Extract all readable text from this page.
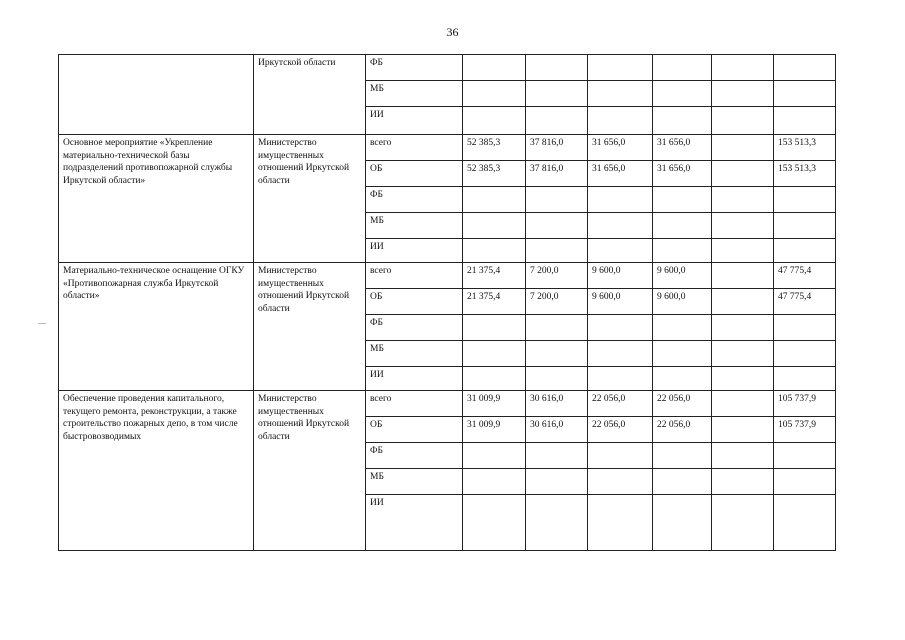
36
	Иркутской области	ФБ						
		МБ						
		ИИ						
Основное мероприятие «Укрепление материально-технической базы подразделений противопожарной службы Иркутской области»	Министерство имущественных отношений Иркутской области	всего	52 385,3	37 816,0	31 656,0	31 656,0		153 513,3
		ОБ	52 385,3	37 816,0	31 656,0	31 656,0		153 513,3
		ФБ						
		МБ						
		ИИ						
Материально-техническое оснащение ОГКУ «Противопожарная служба Иркутской области»	Министерство имущественных отношений Иркутской области	всего	21 375,4	7 200,0	9 600,0	9 600,0		47 775,4
		ОБ	21 375,4	7 200,0	9 600,0	9 600,0		47 775,4
		ФБ						
		МБ						
		ИИ						
Обеспечение проведения капитального, текущего ремонта, реконструкции, а также строительство пожарных депо, в том числе быстровозводимых	Министерство имущественных отношений Иркутской области	всего	31 009,9	30 616,0	22 056,0	22 056,0		105 737,9
		ОБ	31 009,9	30 616,0	22 056,0	22 056,0		105 737,9
		ФБ						
		МБ						
		ИИ						
